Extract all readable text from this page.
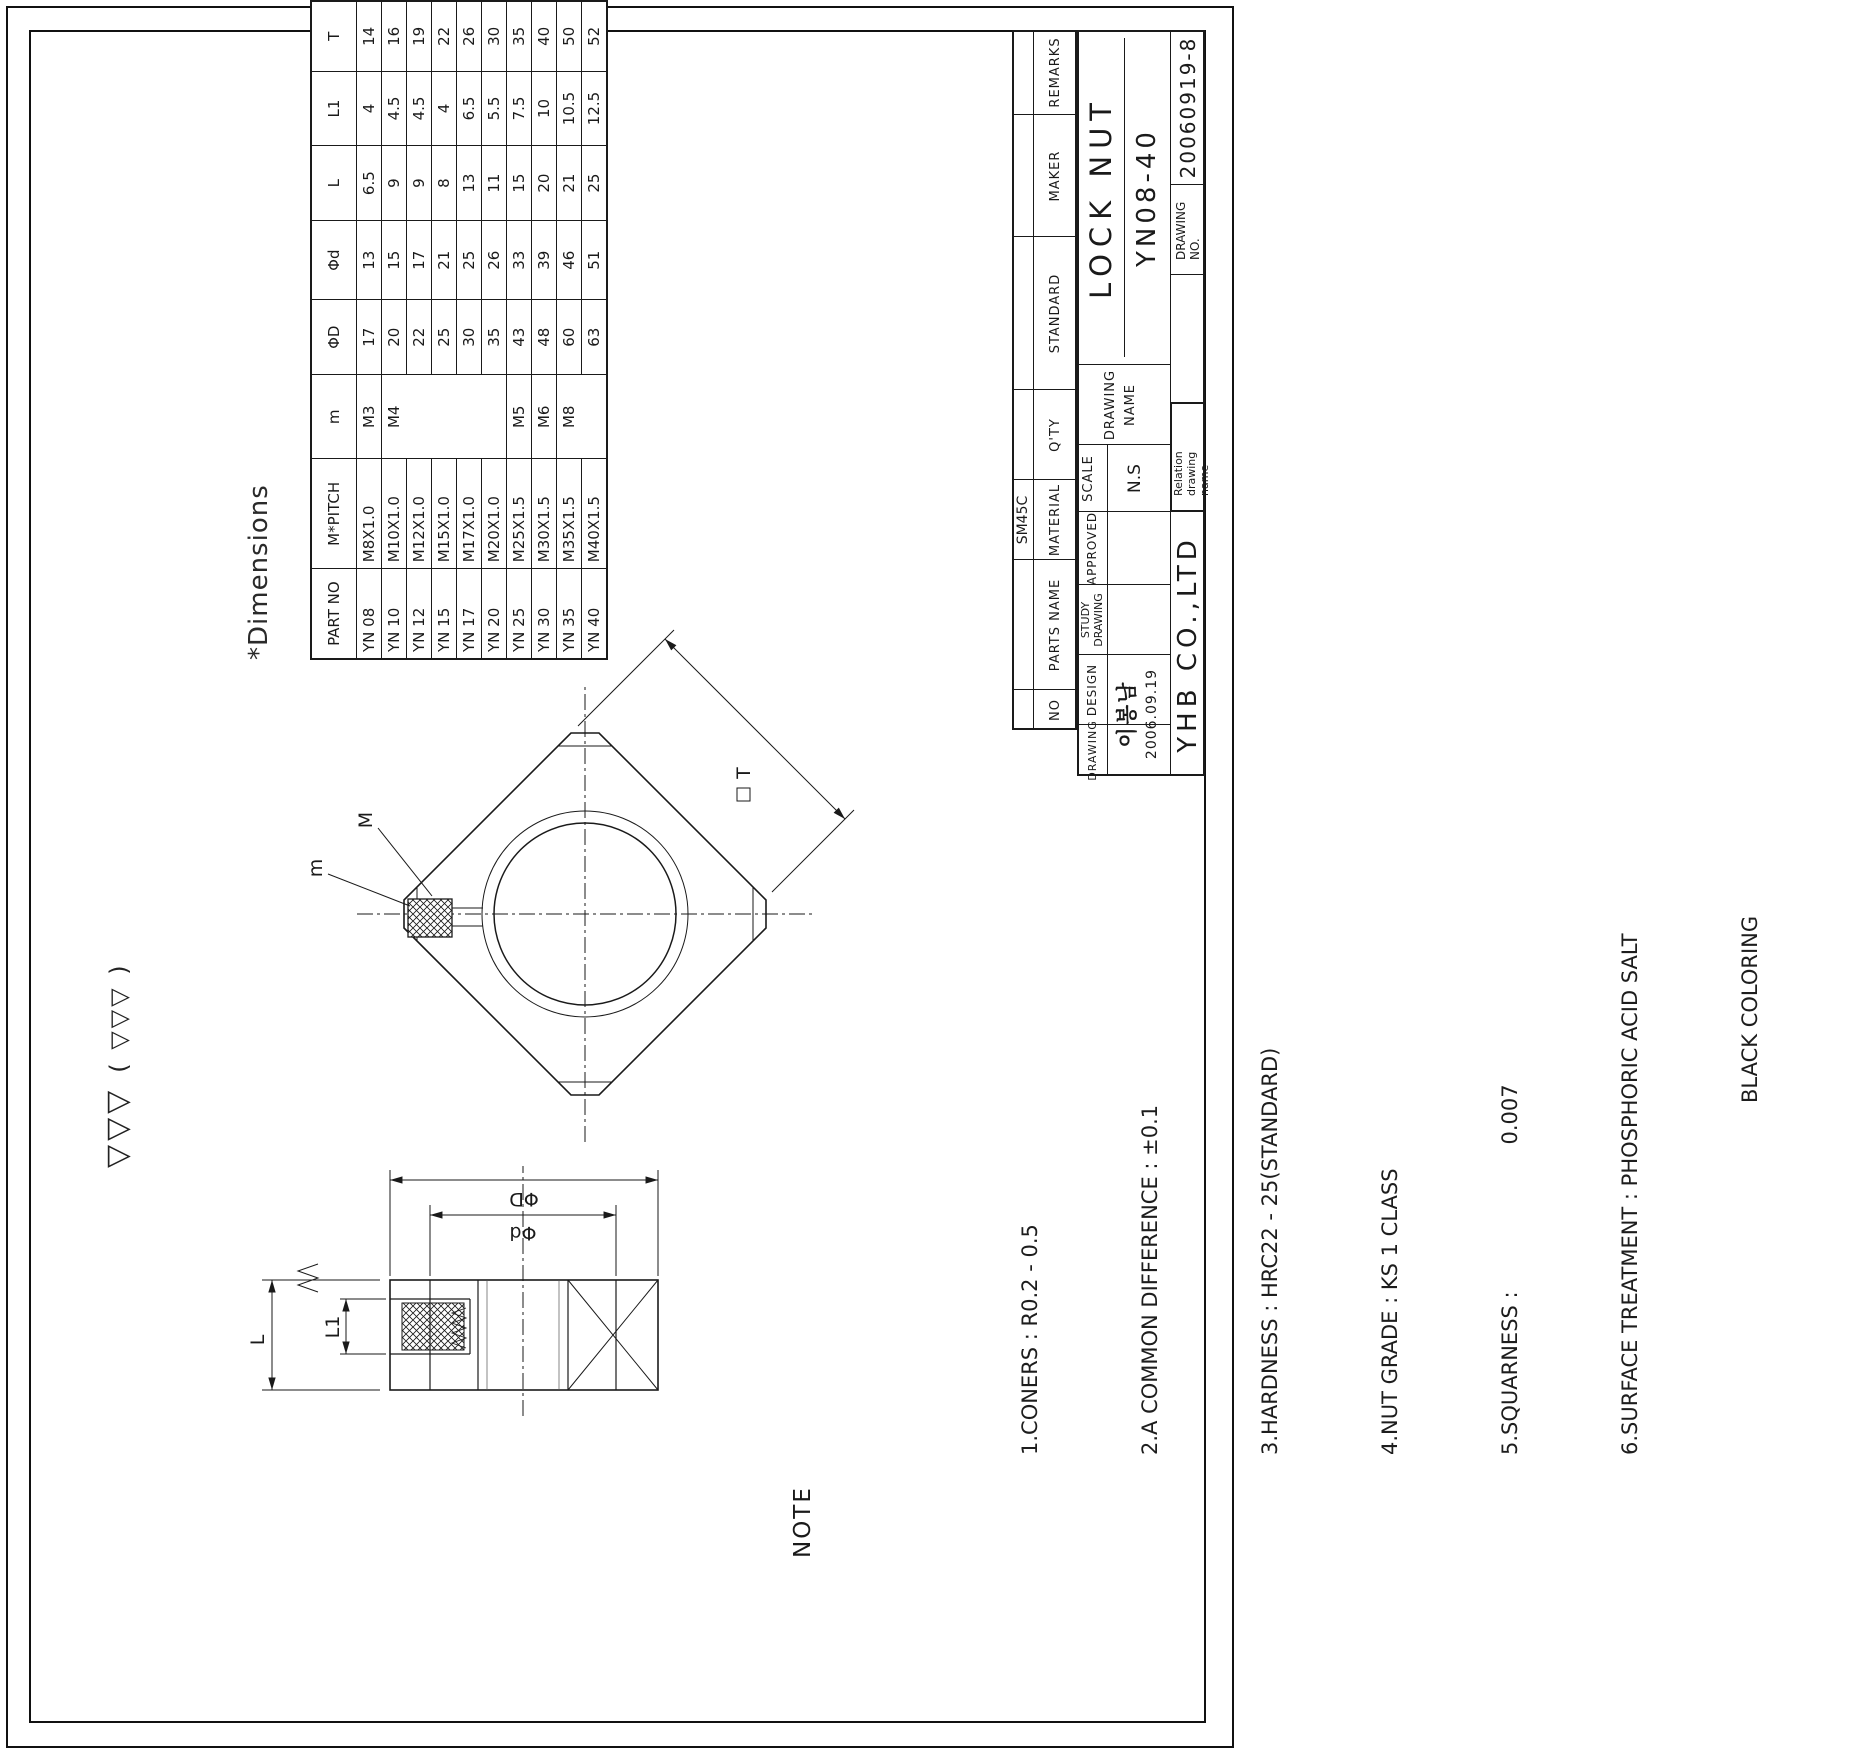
▽▽▽( ▽▽▽ )
*Dimensions	PART NO	M*PITCH	m	ΦD	Φd	L	L1	T
YN 08	M8X1.0	M3	17	13	6.5	4	14
YN 10	M10X1.0	M4	20	15	9	4.5	16
YN 12	M12X1.0		22	17	9	4.5	19
YN 15	M15X1.0		25	21	8	4	22
YN 17	M17X1.0		30	25	13	6.5	26
YN 20	M20X1.0		35	26	11	5.5	30
YN 25	M25X1.5	M5	43	33	15	7.5	35
YN 30	M30X1.5	M6	48	39	20	10	40
YN 35	M35X1.5	M8	60	46	21	10.5	50
YN 40	M40X1.5		63	51	25	12.5	52
NOTE

1.CONERS : R0.2 - 0.5

	2.A COMMON DIFFERENCE : ±0.1

	3.HARDNESS : HRC22 - 25(STANDARD)

	4.NUT GRADE : KS 1 CLASS

	5.SQUARNESS :                      0.007

	6.SURFACE TREATMENT : PHOSPHORIC ACID SALT

	BLACK COLORING

L
L1
ΦD
Φd
m
M
T
SM45C
NO
PARTS NAME
MATERIAL
Q'TY
STANDARD
MAKER
REMARKS
DRAWING
DESIGN
STUDY DRAWING
APPROVED
SCALE	N.S
이봉남 2006.09.19
DRAWING NAME
LOCK NUT YN08-40
YHB CO.,LTD
Relation drawing name
DRAWING NO.
20060919-8
